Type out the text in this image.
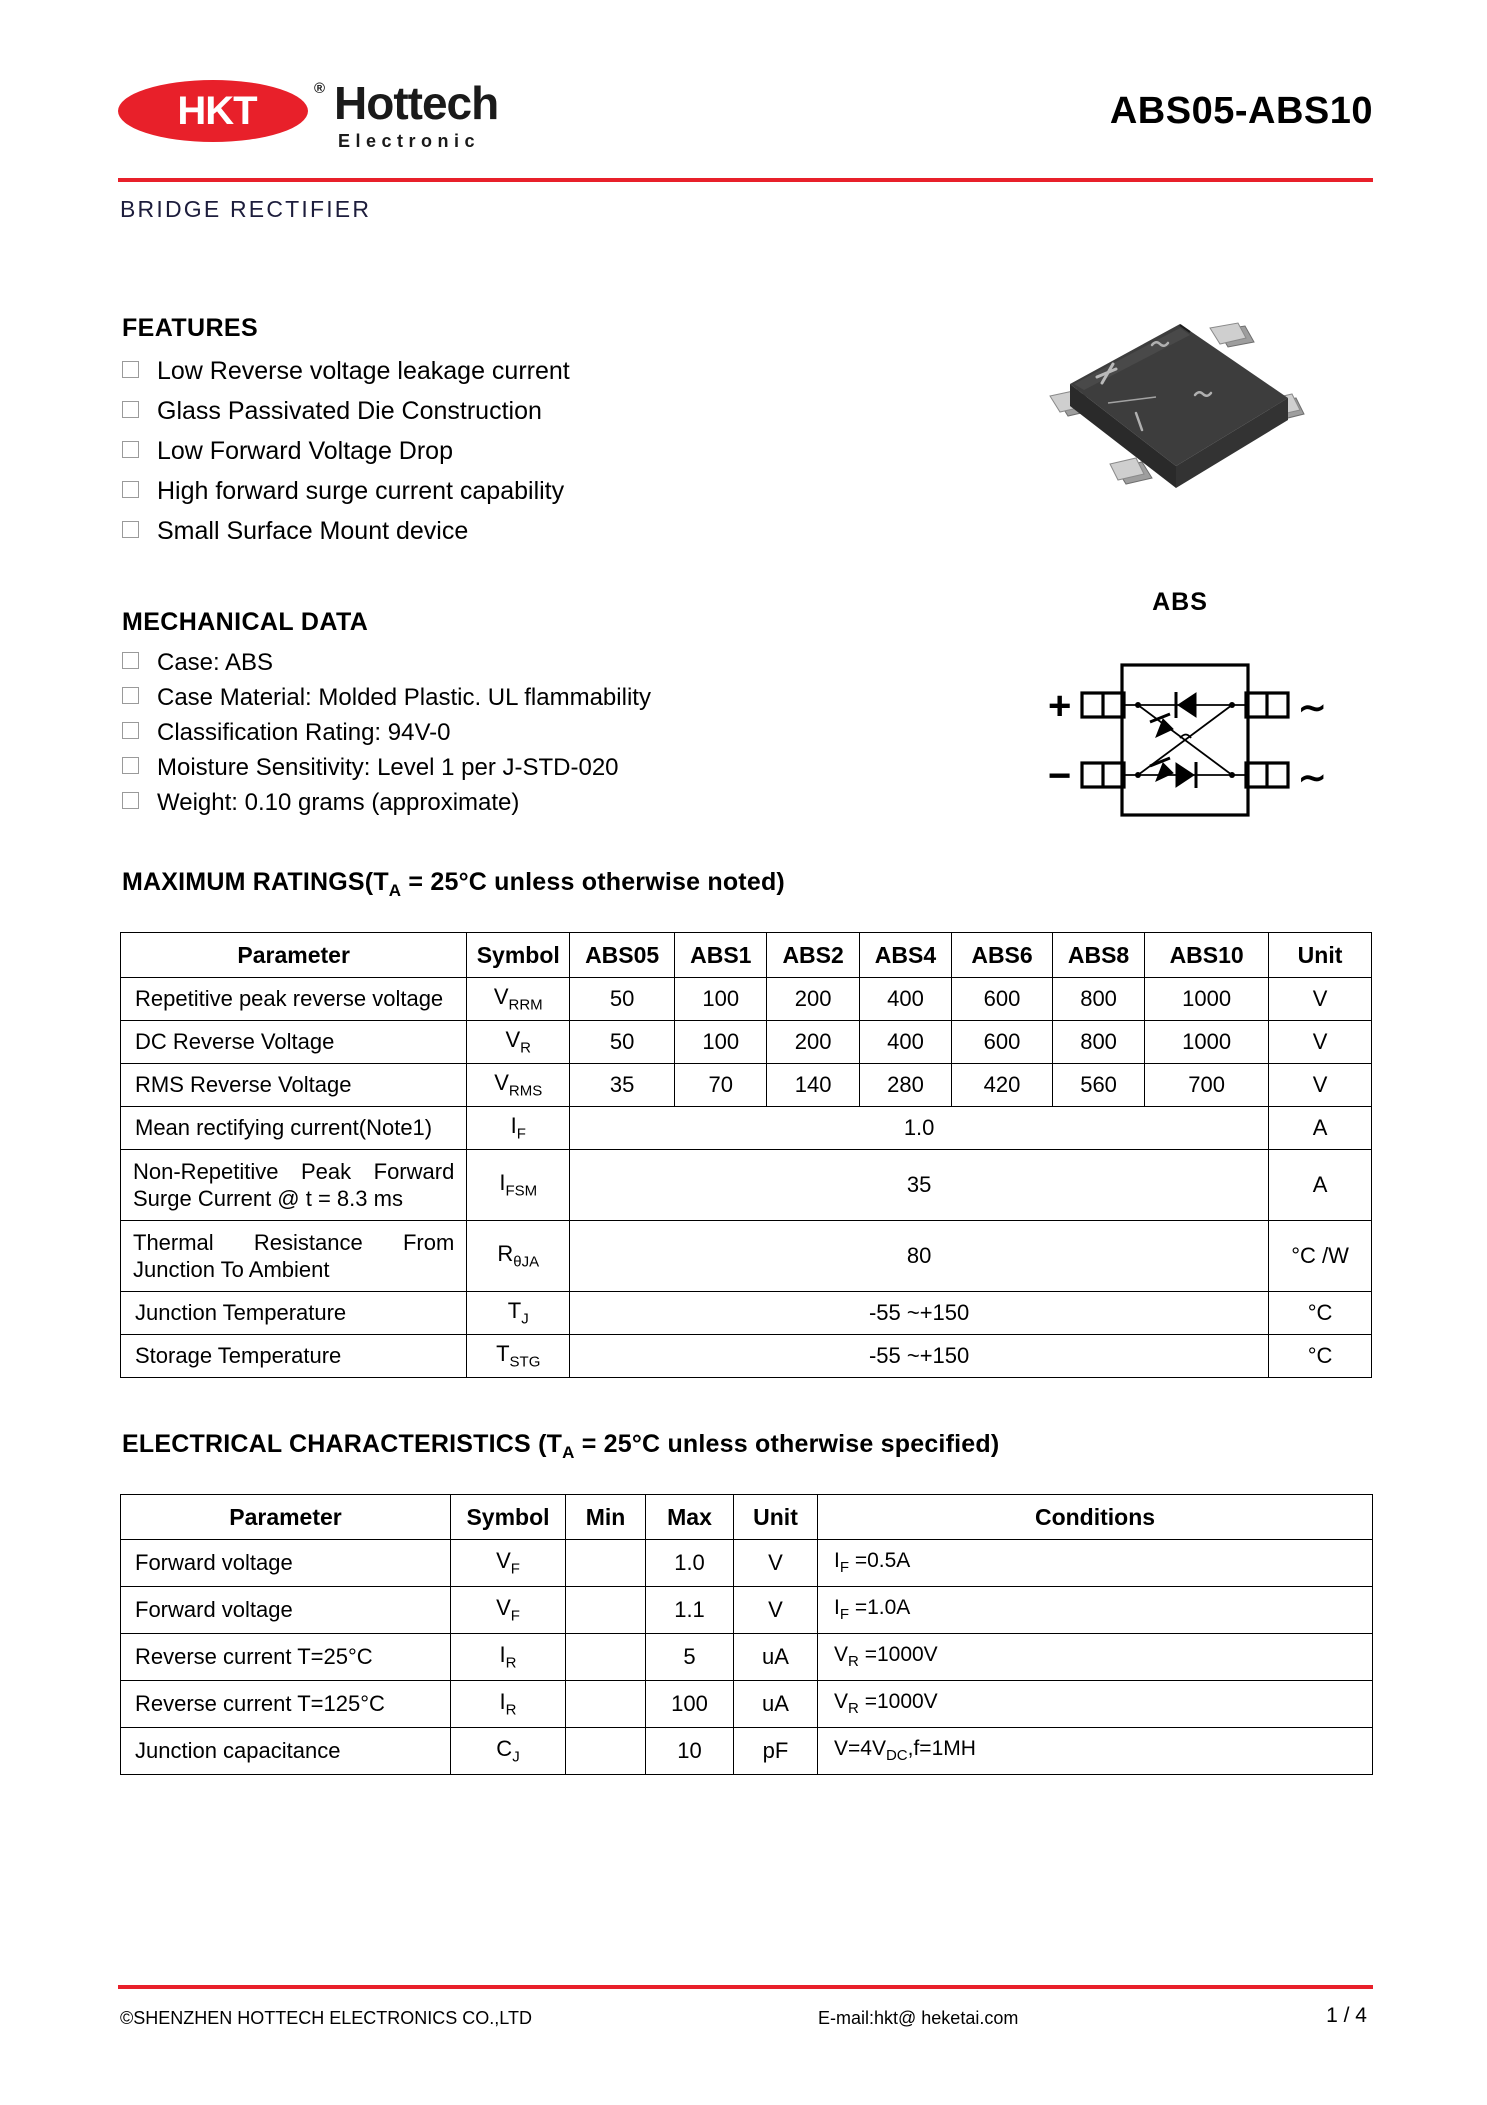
HKT
® Hottech
Electronic
ABS05-ABS10
BRIDGE RECTIFIER
FEATURES
Low Reverse voltage leakage current
Glass Passivated Die Construction
Low Forward Voltage Drop
High forward surge current capability
Small Surface Mount device
MECHANICAL DATA
Case: ABS
Case Material: Molded Plastic. UL flammability
Classification Rating: 94V-0
Moisture Sensitivity: Level 1 per J-STD-020
Weight: 0.10 grams (approximate)
ABS
+
−
∼
∼
MAXIMUM $RATINGS(T_A = 25^\circ C$ unless otherwise noted)
Parameter	Symbol	ABS05	ABS1	ABS2	ABS4	ABS6	ABS8	ABS10	Unit
Repetitive peak reverse voltage	$V_{RRM}$	50	100	200	400	600	800	1000	V
DC Reverse Voltage	$V_R$	50	100	200	400	600	800	1000	V
RMS Reverse Voltage	$V_{RMS}$	35	70	140	280	420	560	700	V
Mean rectifying current(Note1)	$I_F$	1.0							A

Non-Repetitive Peak Forward
Surge Current @ t = 8.3 ms	$I_{FSM}$	35							A

Thermal Resistance From
Junction To Ambient	$R_{\theta JA}$	80							°C /W
Junction Temperature	$T_J$	-55 ~+150							°C
Storage Temperature	$T_{STG}$	-55 ~+150							°C
ELECTRICAL CHARACTERISTICS ($T_A = 25^\circ C$ unless otherwise specified)
Parameter	Symbol	Min	Max	Unit	Conditions
Forward voltage	$V_F$		1.0	V	$I_F =0.5A$
Forward voltage	$V_F$		1.1	V	$I_F =1.0A$
Reverse current T=25°C	$I_R$		5	uA	$V_R =1000V$
Reverse current T=125°C	$I_R$		100	uA	$V_R =1000V$
Junction capacitance	$C_J$		10	pF	$V=4V_{DC},f=1MH$
©SHENZHEN HOTTECH ELECTRONICS CO.,LTD	E-mail:hkt@ heketai.com	1 / 4
